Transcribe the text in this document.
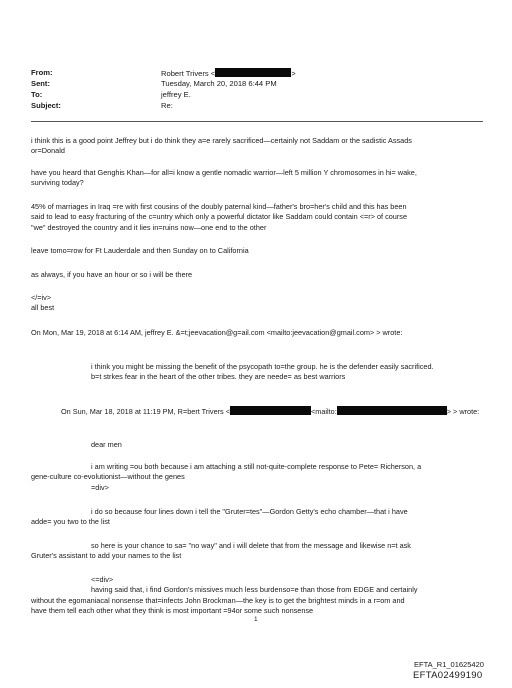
From:	Robert Trivers <	>
Sent:	Tuesday, March 20, 2018 6:44 PM
To:	jeffrey E.
Subject:	Re:
i think this is a good point Jeffrey but i do think they a=e rarely sacrificed—certainly not Saddam or the sadistic Assads
or=Donald
have you heard that Genghis Khan—for all=i know a gentle nomadic warrior—left 5 million Y chromosomes in hi= wake,
surviving today?
45% of marriages in Iraq =re with first cousins of the doubly paternal kind—father's bro=her's child and this has been
said to lead to easy fracturing of the c=untry which only a powerful dictator like Saddam could contain <=r> of course
"we" destroyed the country and it lies in=ruins now—one end to the other
leave tomo=row for Ft Lauderdale and then Sunday on to California
as always, if you have an hour or so i will be there
</=iv>
all best
On Mon, Mar 19, 2018 at 6:14 AM, jeffrey E. &=t;jeevacation@g=ail.com <mailto:jeevacation@gmail.com> > wrote:
i think you might be missing the benefit of the psycopath to=the group. he is the defender easily sacrificed.
b=t strkes fear in the heart of the other tribes. they are neede= as best warriors
On Sun, Mar 18, 2018 at 11:19 PM, R=bert Trivers <	<mailto:	> > wrote:
dear men
i am writing =ou both because i am attaching a still not-quite-complete response to Pete= Richerson, a
gene-culture co-evolutionist—without the genes
=div>
i do so because four lines down i tell the "Gruter=tes"—Gordon Getty's echo chamber—that i have
adde= you two to the list
so here is your chance to sa= "no way" and i will delete that from the message and likewise n=t ask
Gruter's assistant to add your names to the list
<=div>
having said that, i find Gordon's missives much less burdenso=e than those from EDGE and certainly
without the egomaniacal nonsense that=infects John Brockman—the key is to get the brightest minds in a r=om and
have them tell each other what they think is most important =94or some such nonsense
1
EFTA_R1_01625420
EFTA02499190
